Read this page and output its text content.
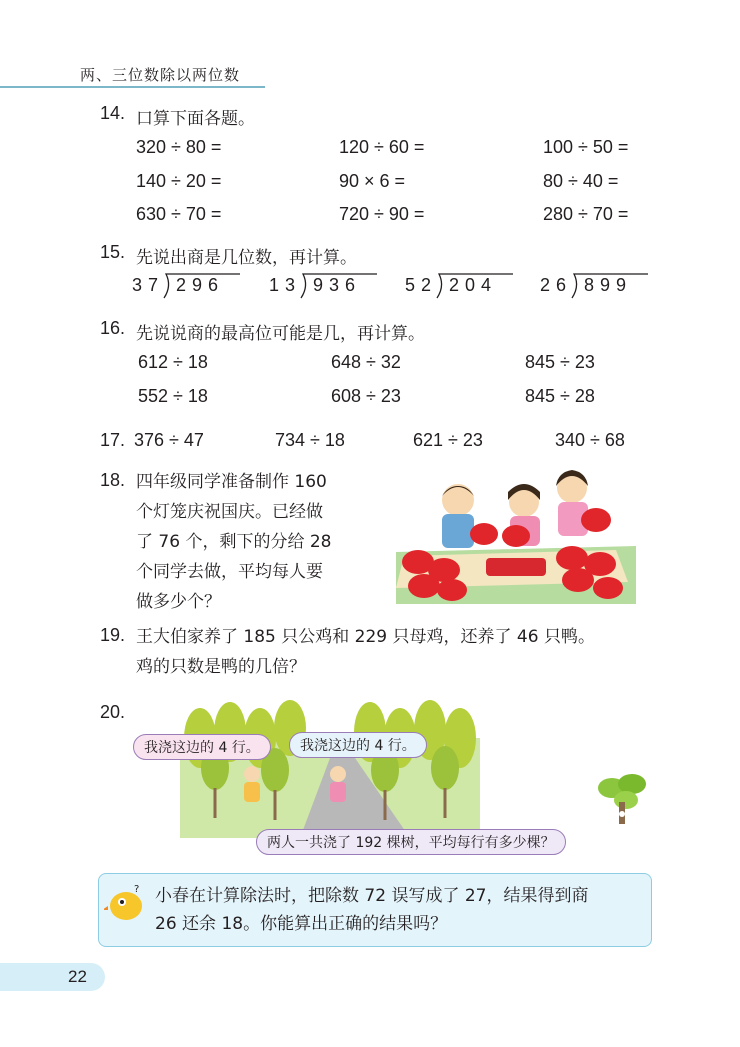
两、三位数除以两位数
14. 口算下面各题。
320 ÷ 80 =	120 ÷ 60 =	100 ÷ 50 =
140 ÷ 20 =	90 × 6 =	80 ÷ 40 =
630 ÷ 70 =	720 ÷ 90 =	280 ÷ 70 =
15. 先说出商是几位数，再计算。
37 296 13 936 52 204 26 899
16. 先说说商的最高位可能是几，再计算。
612 ÷ 18	648 ÷ 32	845 ÷ 23
552 ÷ 18	608 ÷ 23	845 ÷ 28
17. 376 ÷ 47	734 ÷ 18	621 ÷ 23	340 ÷ 68
18. 四年级同学准备制作 160
个灯笼庆祝国庆。已经做
了 76 个，剩下的分给 28
个同学去做，平均每人要
做多少个？
19. 王大伯家养了 185 只公鸡和 229 只母鸡，还养了 46 只鸭。
鸡的只数是鸭的几倍？
20.
我浇这边的 4 行。	我浇这边的 4 行。
两人一共浇了 192 棵树，平均每行有多少棵？
? 小春在计算除法时，把除数 72 误写成了 27，结果得到商
26 还余 18。你能算出正确的结果吗？
22
